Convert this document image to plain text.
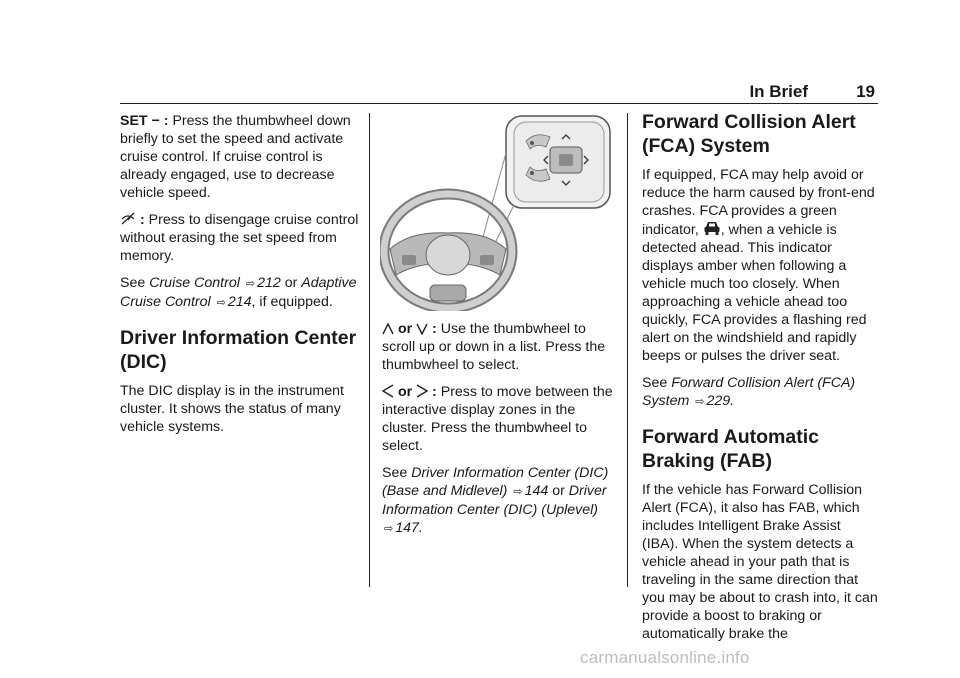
In Brief	19

SET − : Press the thumbwheel down briefly to set the speed and activate cruise control. If cruise control is already engaged, use to decrease vehicle speed.

: Press to disengage cruise control without erasing the set speed from memory.

See Cruise Control ⇨ 212 or Adaptive Cruise Control ⇨ 214, if equipped.

Driver Information Center (DIC)

The DIC display is in the instrument cluster. It shows the status of many vehicle systems.

or : Use the thumbwheel to scroll up or down in a list. Press the thumbwheel to select.

or : Press to move between the interactive display zones in the cluster. Press the thumbwheel to select.

See Driver Information Center (DIC) (Base and Midlevel) ⇨ 144 or Driver Information Center (DIC) (Uplevel) ⇨ 147.

Forward Collision Alert (FCA) System

If equipped, FCA may help avoid or reduce the harm caused by front-end crashes. FCA provides a green indicator, , when a vehicle is detected ahead. This indicator displays amber when following a vehicle much too closely. When approaching a vehicle ahead too quickly, FCA provides a flashing red alert on the windshield and rapidly beeps or pulses the driver seat.

See Forward Collision Alert (FCA) System ⇨ 229.

Forward Automatic Braking (FAB)

If the vehicle has Forward Collision Alert (FCA), it also has FAB, which includes Intelligent Brake Assist (IBA). When the system detects a vehicle ahead in your path that is traveling in the same direction that you may be about to crash into, it can provide a boost to braking or automatically brake the

carmanualsonline.info
